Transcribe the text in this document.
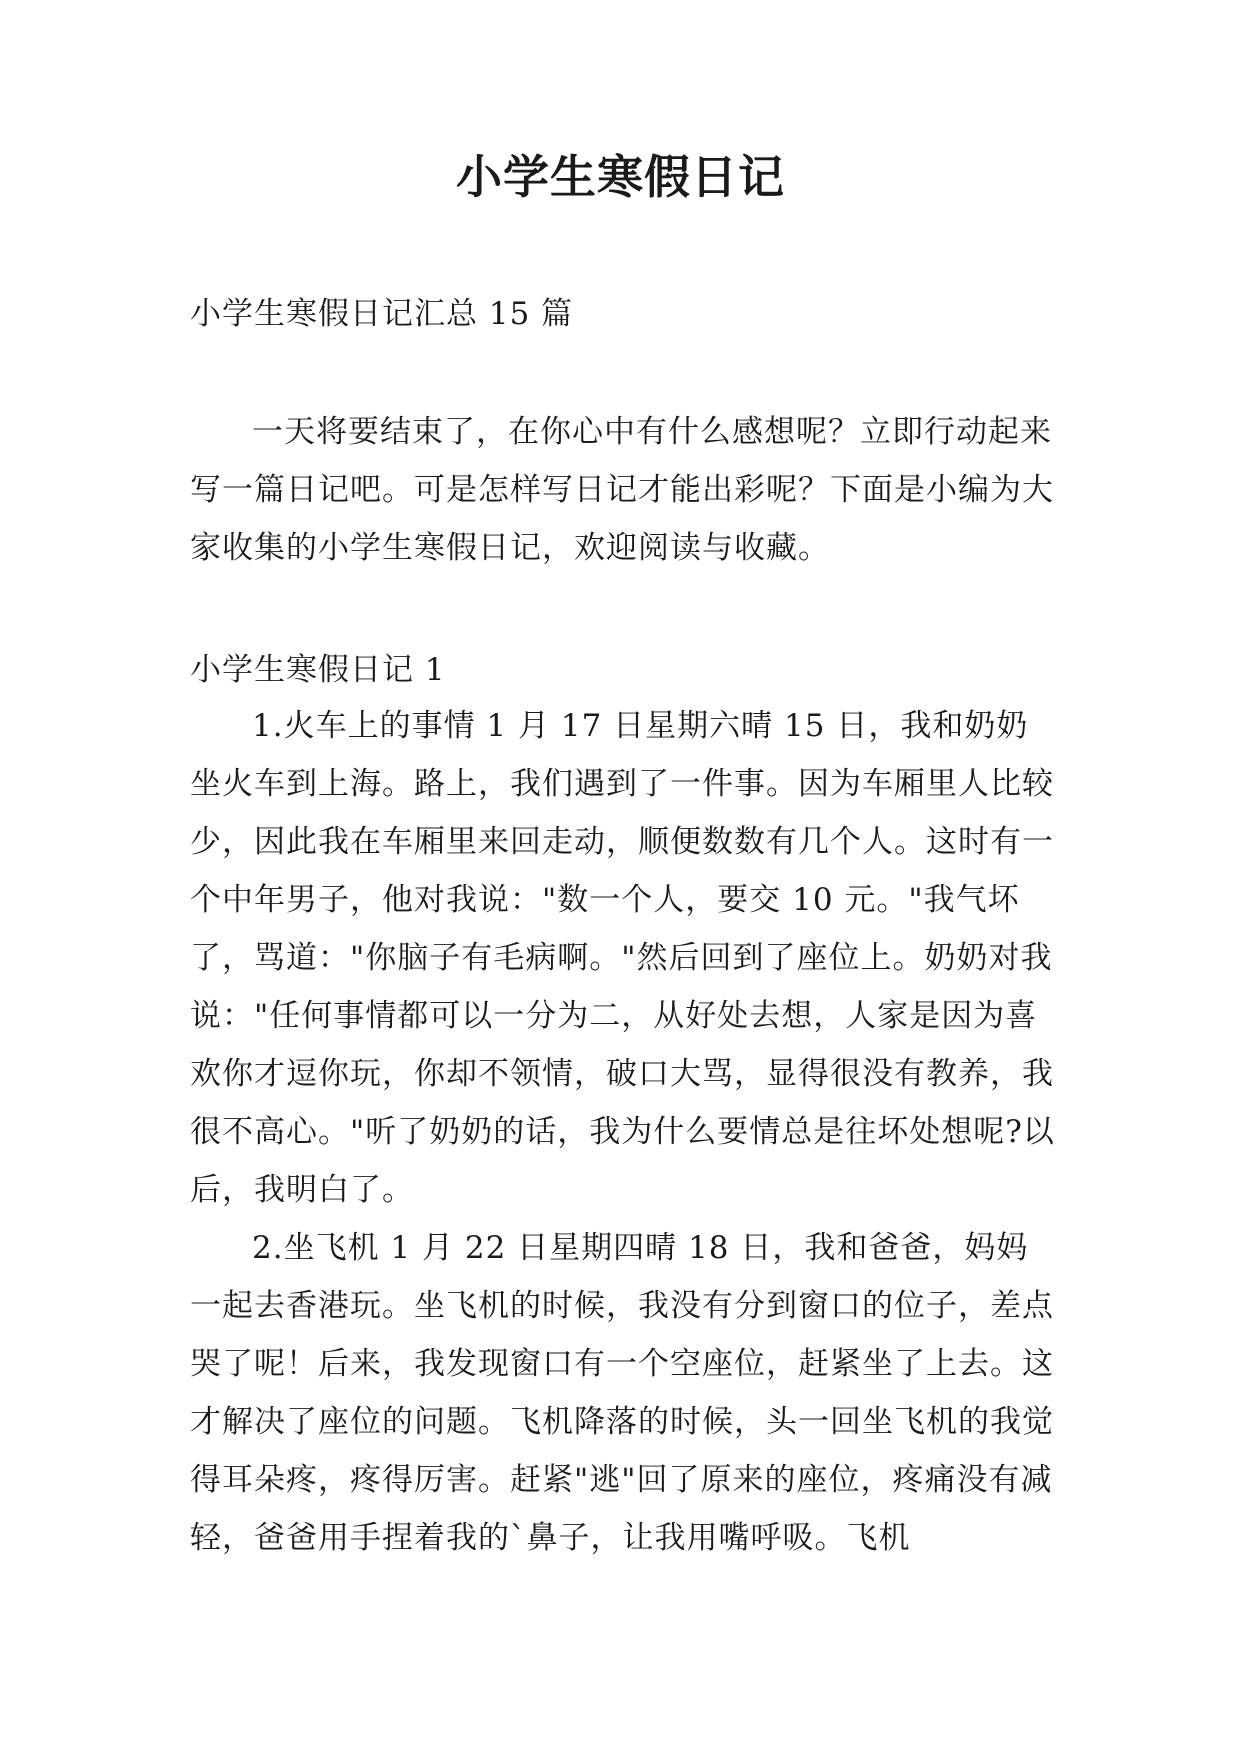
小学生寒假日记

小学生寒假日记汇总 15 篇

一天将要结束了，在你心中有什么感想呢？立即行动起来写一篇日记吧。可是怎样写日记才能出彩呢？下面是小编为大家收集的小学生寒假日记，欢迎阅读与收藏。

小学生寒假日记 1

1.火车上的事情 1 月 17 日星期六晴 15 日，我和奶奶坐火车到上海。路上，我们遇到了一件事。因为车厢里人比较少，因此我在车厢里来回走动，顺便数数有几个人。这时有一个中年男子，他对我说："数一个人，要交 10 元。"我气坏了，骂道："你脑子有毛病啊。"然后回到了座位上。奶奶对我说："任何事情都可以一分为二，从好处去想，人家是因为喜欢你才逗你玩，你却不领情，破口大骂，显得很没有教养，我很不高心。"听了奶奶的话，我为什么要情总是往坏处想呢?以后，我明白了。

2.坐飞机 1 月 22 日星期四晴 18 日，我和爸爸，妈妈一起去香港玩。坐飞机的时候，我没有分到窗口的位子，差点哭了呢！后来，我发现窗口有一个空座位，赶紧坐了上去。这才解决了座位的问题。飞机降落的时候，头一回坐飞机的我觉得耳朵疼，疼得厉害。赶紧"逃"回了原来的座位，疼痛没有减轻，爸爸用手捏着我的`鼻子，让我用嘴呼吸。飞机
